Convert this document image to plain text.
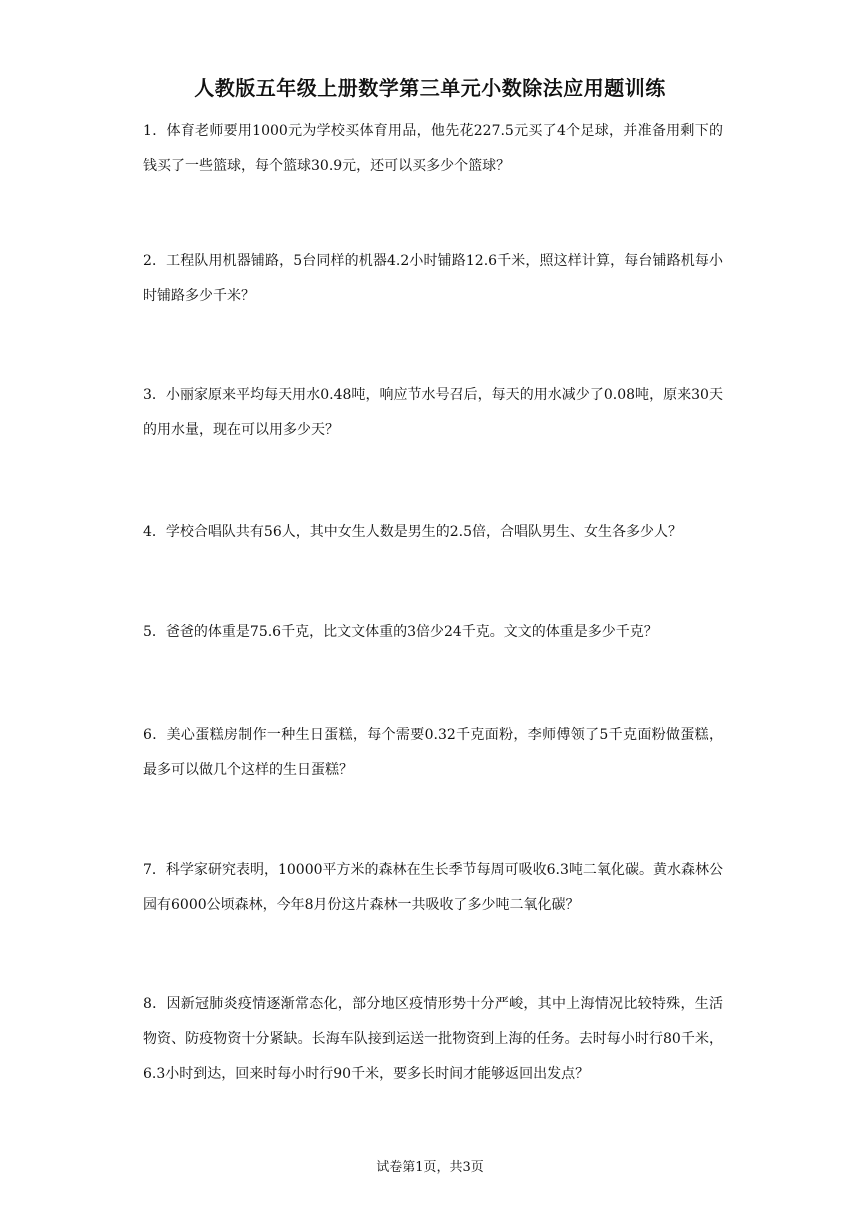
人教版五年级上册数学第三单元小数除法应用题训练
1．体育老师要用1000元为学校买体育用品，他先花227.5元买了4个足球，并准备用剩下的钱买了一些篮球，每个篮球30.9元，还可以买多少个篮球？
2．工程队用机器铺路，5台同样的机器4.2小时铺路12.6千米，照这样计算，每台铺路机每小时铺路多少千米？
3．小丽家原来平均每天用水0.48吨，响应节水号召后，每天的用水减少了0.08吨，原来30天的用水量，现在可以用多少天？
4．学校合唱队共有56人，其中女生人数是男生的2.5倍，合唱队男生、女生各多少人？
5．爸爸的体重是75.6千克，比文文体重的3倍少24千克。文文的体重是多少千克？
6．美心蛋糕房制作一种生日蛋糕，每个需要0.32千克面粉，李师傅领了5千克面粉做蛋糕，最多可以做几个这样的生日蛋糕？
7．科学家研究表明，10000平方米的森林在生长季节每周可吸收6.3吨二氧化碳。黄水森林公园有6000公顷森林，今年8月份这片森林一共吸收了多少吨二氧化碳？
8．因新冠肺炎疫情逐渐常态化，部分地区疫情形势十分严峻，其中上海情况比较特殊，生活物资、防疫物资十分紧缺。长海车队接到运送一批物资到上海的任务。去时每小时行80千米，6.3小时到达，回来时每小时行90千米，要多长时间才能够返回出发点？
试卷第1页，共3页
